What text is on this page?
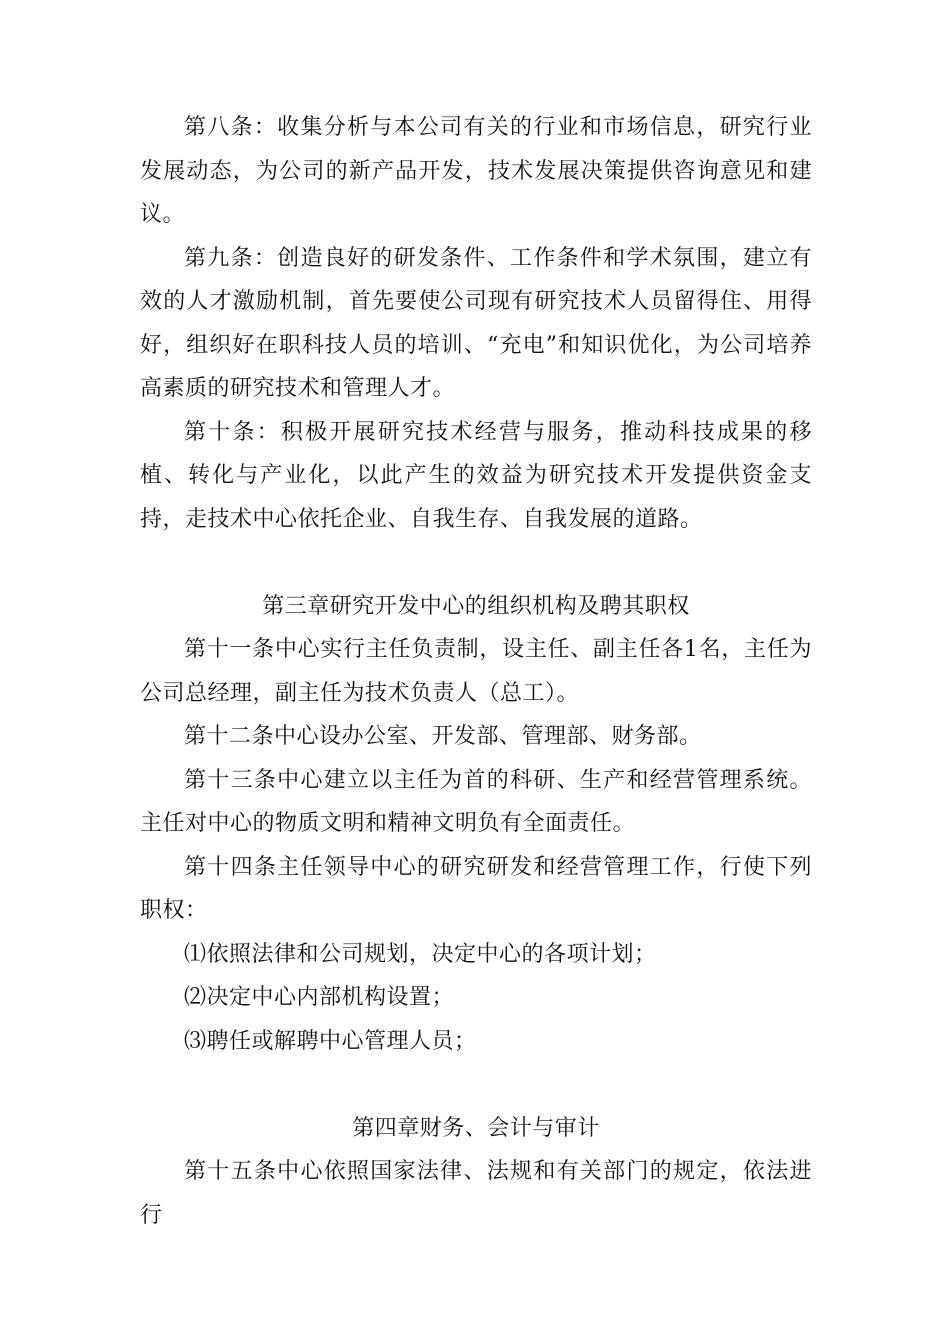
第八条：收集分析与本公司有关的行业和市场信息，研究行业发展动态，为公司的新产品开发，技术发展决策提供咨询意见和建议。

第九条：创造良好的研发条件、工作条件和学术氛围，建立有效的人才激励机制，首先要使公司现有研究技术人员留得住、用得好，组织好在职科技人员的培训、“充电”和知识优化，为公司培养高素质的研究技术和管理人才。

第十条：积极开展研究技术经营与服务，推动科技成果的移植、转化与产业化，以此产生的效益为研究技术开发提供资金支持，走技术中心依托企业、自我生存、自我发展的道路。

第三章研究开发中心的组织机构及聘其职权

第十一条中心实行主任负责制，设主任、副主任各1名，主任为公司总经理，副主任为技术负责人（总工）。

第十二条中心设办公室、开发部、管理部、财务部。

第十三条中心建立以主任为首的科研、生产和经营管理系统。主任对中心的物质文明和精神文明负有全面责任。

第十四条主任领导中心的研究研发和经营管理工作，行使下列职权：

⑴依照法律和公司规划，决定中心的各项计划；

⑵决定中心内部机构设置；

⑶聘任或解聘中心管理人员；

第四章财务、会计与审计

第十五条中心依照国家法律、法规和有关部门的规定，依法进行
